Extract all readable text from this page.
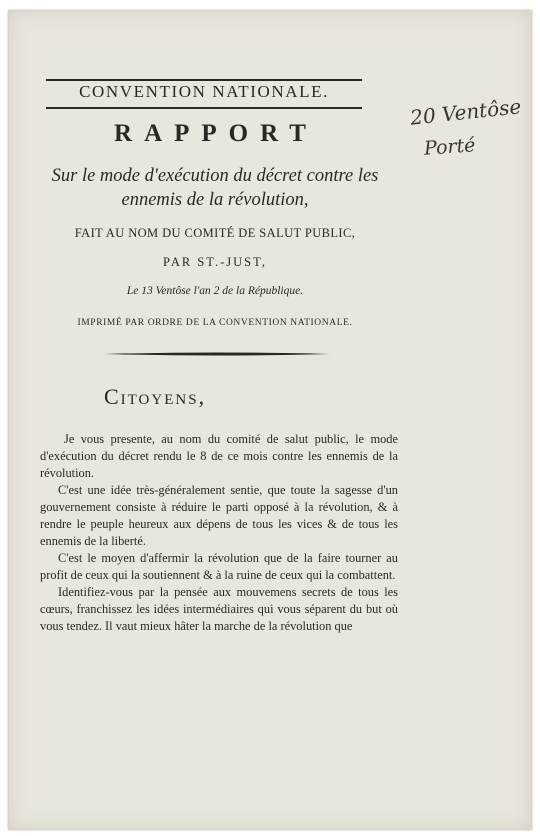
CONVENTION NATIONALE.
RAPPORT
Sur le mode d'exécution du décret contre les ennemis de la révolution,
FAIT AU NOM DU COMITÉ DE SALUT PUBLIC,
PAR ST.-JUST,
Le 13 Ventôse l'an 2 de la République.
IMPRIMÉ PAR ORDRE DE LA CONVENTION NATIONALE.
Citoyens,

Je vous presente, au nom du comité de salut public, le mode d'exécution du décret rendu le 8 de ce mois contre les ennemis de la révolution.

C'est une idée très-généralement sentie, que toute la sagesse d'un gouvernement consiste à réduire le parti opposé à la révolution, & à rendre le peuple heureux aux dépens de tous les vices & de tous les ennemis de la liberté.

C'est le moyen d'affermir la révolution que de la faire tourner au profit de ceux qui la soutiennent & à la ruine de ceux qui la combattent.

Identifiez-vous par la pensée aux mouvemens secrets de tous les cœurs, franchissez les idées intermédiaires qui vous séparent du but où vous tendez. Il vaut mieux hâter la marche de la révolution que

20 Ventôse
Porté
